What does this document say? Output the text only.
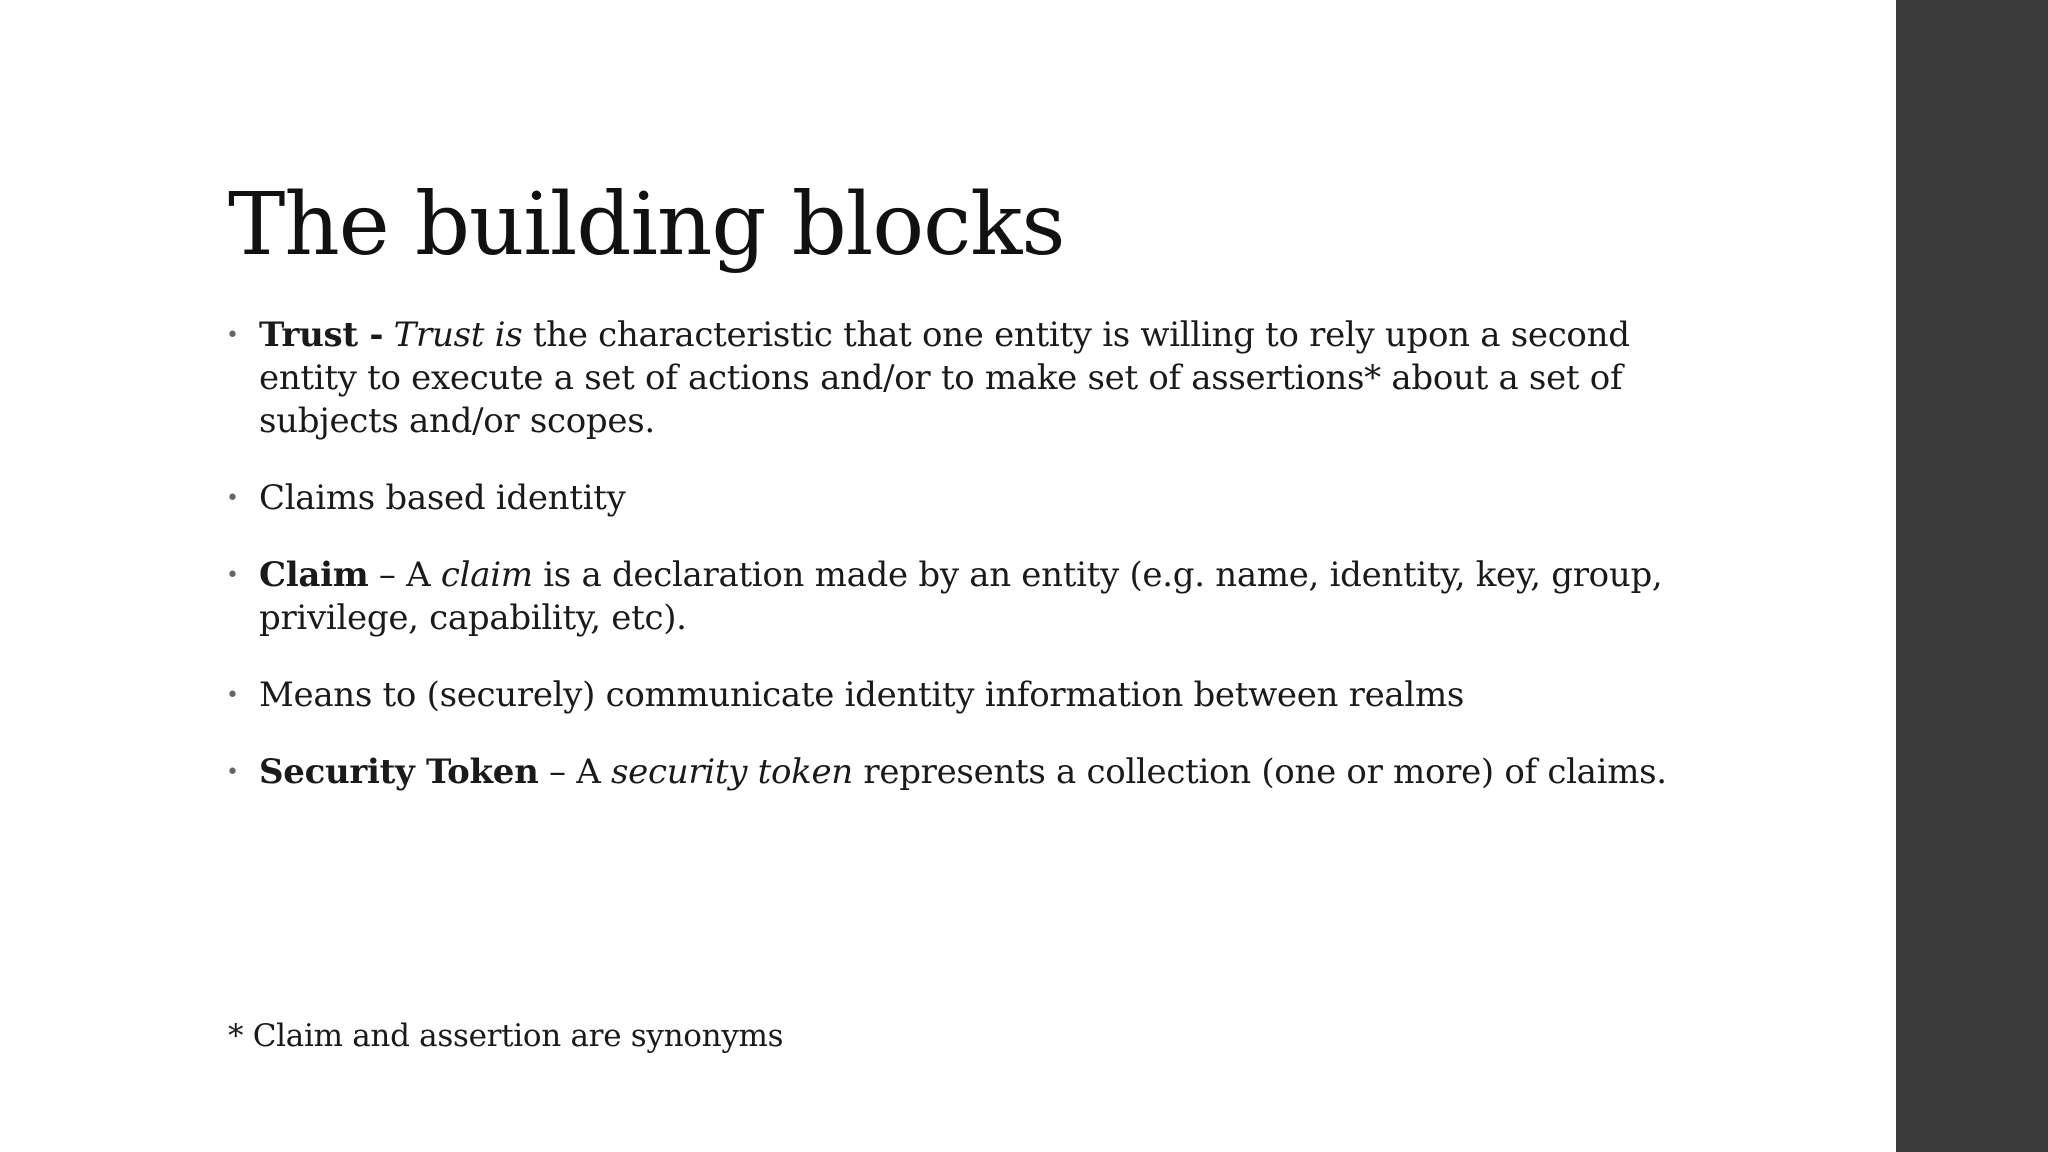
The building blocks
• Trust - Trust is the characteristic that one entity is willing to rely upon a second entity to execute a set of actions and/or to make set of assertions* about a set of subjects and/or scopes.
• Claims based identity
• Claim – A claim is a declaration made by an entity (e.g. name, identity, key, group, privilege, capability, etc).
• Means to (securely) communicate identity information between realms
• Security Token – A security token represents a collection (one or more) of claims.

* Claim and assertion are synonyms
